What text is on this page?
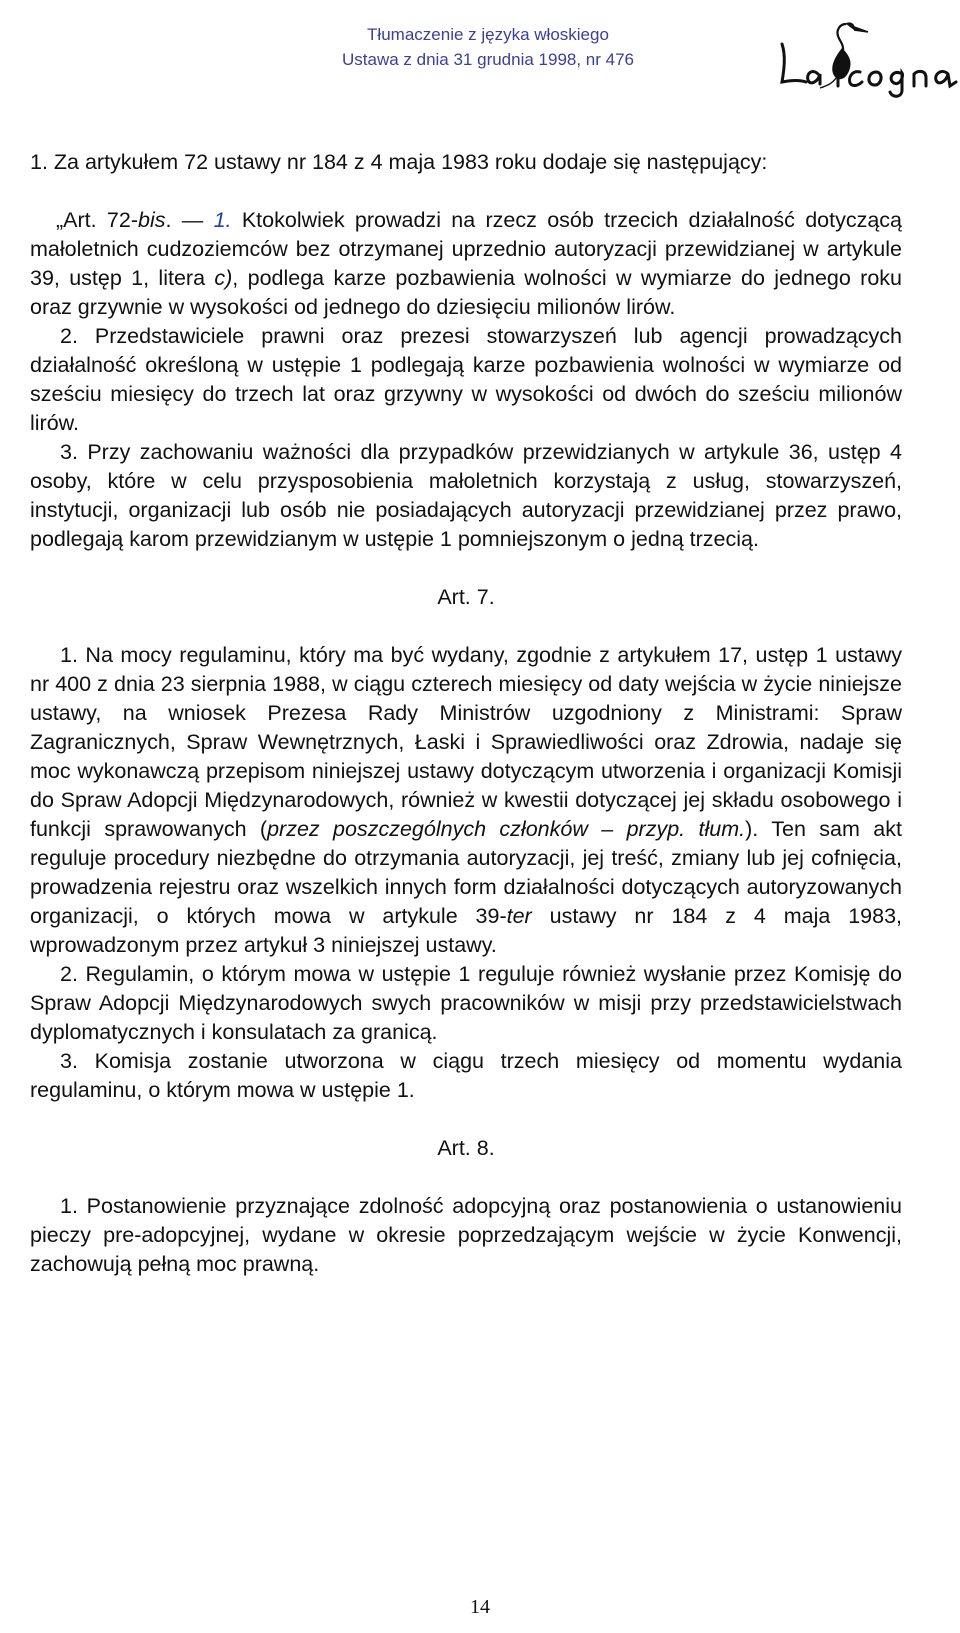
Tłumaczenie z języka włoskiego
Ustawa z dnia 31 grudnia 1998, nr 476

1. Za artykułem 72 ustawy nr 184 z 4 maja 1983 roku dodaje się następujący:

„Art. 72-bis. — 1. Ktokolwiek prowadzi na rzecz osób trzecich działalność dotyczącą małoletnich cudzoziemców bez otrzymanej uprzednio autoryzacji przewidzianej w artykule 39, ustęp 1, litera c), podlega karze pozbawienia wolności w wymiarze do jednego roku oraz grzywnie w wysokości od jednego do dziesięciu milionów lirów.

2. Przedstawiciele prawni oraz prezesi stowarzyszeń lub agencji prowadzących działalność określoną w ustępie 1 podlegają karze pozbawienia wolności w wymiarze od sześciu miesięcy do trzech lat oraz grzywny w wysokości od dwóch do sześciu milionów lirów.

3. Przy zachowaniu ważności dla przypadków przewidzianych w artykule 36, ustęp 4 osoby, które w celu przysposobienia małoletnich korzystają z usług, stowarzyszeń, instytucji, organizacji lub osób nie posiadających autoryzacji przewidzianej przez prawo, podlegają karom przewidzianym w ustępie 1 pomniejszonym o jedną trzecią.

Art. 7.

1. Na mocy regulaminu, który ma być wydany, zgodnie z artykułem 17, ustęp 1 ustawy nr 400 z dnia 23 sierpnia 1988, w ciągu czterech miesięcy od daty wejścia w życie niniejsze ustawy, na wniosek Prezesa Rady Ministrów uzgodniony z Ministrami: Spraw Zagranicznych, Spraw Wewnętrznych, Łaski i Sprawiedliwości oraz Zdrowia, nadaje się moc wykonawczą przepisom niniejszej ustawy dotyczącym utworzenia i organizacji Komisji do Spraw Adopcji Międzynarodowych, również w kwestii dotyczącej jej składu osobowego i funkcji sprawowanych (przez poszczególnych członków – przyp. tłum.). Ten sam akt reguluje procedury niezbędne do otrzymania autoryzacji, jej treść, zmiany lub jej cofnięcia, prowadzenia rejestru oraz wszelkich innych form działalności dotyczących autoryzowanych organizacji, o których mowa w artykule 39-ter ustawy nr 184 z 4 maja 1983, wprowadzonym przez artykuł 3 niniejszej ustawy.

2. Regulamin, o którym mowa w ustępie 1 reguluje również wysłanie przez Komisję do Spraw Adopcji Międzynarodowych swych pracowników w misji przy przedstawicielstwach dyplomatycznych i konsulatach za granicą.

3. Komisja zostanie utworzona w ciągu trzech miesięcy od momentu wydania regulaminu, o którym mowa w ustępie 1.

Art. 8.

1. Postanowienie przyznające zdolność adopcyjną oraz postanowienia o ustanowieniu pieczy pre-adopcyjnej, wydane w okresie poprzedzającym wejście w życie Konwencji, zachowują pełną moc prawną.

14
